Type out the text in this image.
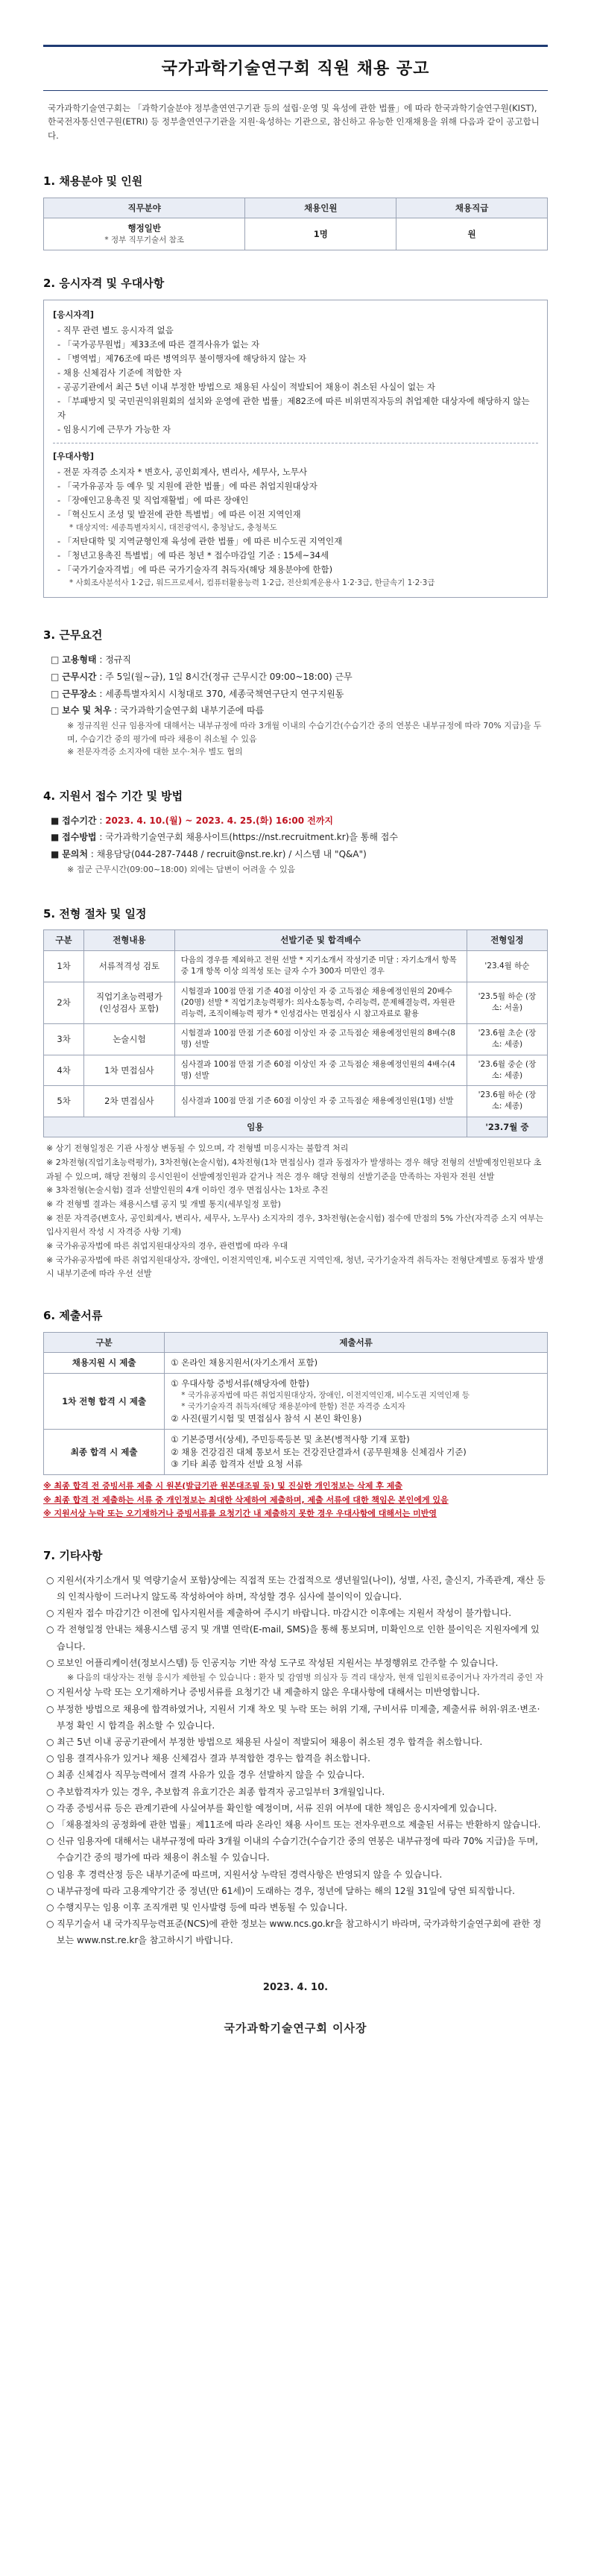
국가과학기술연구회 직원 채용 공고

국가과학기술연구회는 「과학기술분야 정부출연연구기관 등의 설립·운영 및 육성에 관한 법률」에 따라 한국과학기술연구원(KIST), 한국전자통신연구원(ETRI) 등 정부출연연구기관을 지원·육성하는 기관으로, 참신하고 유능한 인재채용을 위해 다음과 같이 공고합니다.

1. 채용분야 및 인원
직무분야	채용인원	채용직급

행정일반
* 정부 직무기술서 참조	1명	원
2. 응시자격 및 우대사항
[응시자격]
- 직무 관련 별도 응시자격 없음
- 「국가공무원법」제33조에 따른 결격사유가 없는 자
- 「병역법」제76조에 따른 병역의무 불이행자에 해당하지 않는 자
- 채용 신체검사 기준에 적합한 자
- 공공기관에서 최근 5년 이내 부정한 방법으로 채용된 사실이 적발되어 채용이 취소된 사실이 없는 자
- 「부패방지 및 국민권익위원회의 설치와 운영에 관한 법률」제82조에 따른 비위면직자등의 취업제한 대상자에 해당하지 않는 자
- 임용시기에 근무가 가능한 자
[우대사항]
- 전문 자격증 소지자 * 변호사, 공인회계사, 변리사, 세무사, 노무사
- 「국가유공자 등 예우 및 지원에 관한 법률」에 따른 취업지원대상자
- 「장애인고용촉진 및 직업재활법」에 따른 장애인
- 「혁신도시 조성 및 발전에 관한 특별법」에 따른 이전 지역인재
* 대상지역: 세종특별자치시, 대전광역시, 충청남도, 충청북도
- 「저탄대학 및 지역균형인재 육성에 관한 법률」에 따른 비수도권 지역인재
- 「청년고용촉진 특별법」에 따른 청년 * 접수마감일 기준 : 15세~34세
- 「국가기술자격법」에 따른 국가기술자격 취득자(해당 채용분야에 한함)
* 사회조사분석사 1·2급, 워드프로세서, 컴퓨터활용능력 1·2급, 전산회계운용사 1·2·3급, 한글속기 1·2·3급
3. 근무요건
□ 고용형태 : 정규직
□ 근무시간 : 주 5일(월~금), 1일 8시간(정규 근무시간 09:00~18:00) 근무
□ 근무장소 : 세종특별자치시 시청대로 370, 세종국책연구단지 연구지원동
□ 보수 및 처우 : 국가과학기술연구회 내부기준에 따름
※ 정규직원 신규 임용자에 대해서는 내부규정에 따라 3개월 이내의 수습기간(수습기간 중의 연봉은 내부규정에 따라 70% 지급)을 두며, 수습기간 중의 평가에 따라 채용이 취소될 수 있음
※ 전문자격증 소지자에 대한 보수·처우 별도 협의
4. 지원서 접수 기간 및 방법
■ 접수기간 : 2023. 4. 10.(월) ~ 2023. 4. 25.(화) 16:00 전까지
■ 접수방법 : 국가과학기술연구회 채용사이트(https://nst.recruitment.kr)을 통해 접수
■ 문의처 : 채용담당(044-287-7448 / recruit@nst.re.kr) / 시스템 내 "Q&A")
※ 접군 근무시간(09:00~18:00) 외에는 답변이 어려울 수 있음
5. 전형 절차 및 일정
구분	전형내용	선발기준 및 합격배수	전형일정
1차	서류적격성 검토	다음의 경우를 제외하고 전원 선발 * 지기소개서 작성기준 미달 : 자기소개서 항목 중 1개 항목 이상 의적성 또는 글자 수가 300자 미만인 경우	'23.4월 하순
2차	직업기초능력평가 (인성검사 포함)	시험결과 100점 만점 기준 40점 이상인 자 중 고득점순 채용예정인원의 20배수(20명) 선발 * 직업기초능력평가: 의사소통능력, 수리능력, 문제해결능력, 자원관리능력, 조직이해능력 평가 * 인성검사는 면접심사 시 참고자료로 활용	'23.5월 하순 (장소: 서울)
3차	논술시험	시험결과 100점 만점 기준 60점 이상인 자 중 고득점순 채용예정인원의 8배수(8명) 선발	'23.6월 초순 (장소: 세종)
4차	1차 면접심사	심사결과 100점 만점 기준 60점 이상인 자 중 고득점순 채용예정인원의 4배수(4명) 선발	'23.6월 중순 (장소: 세종)
5차	2차 면접심사	심사결과 100점 만점 기준 60점 이상인 자 중 고득점순 채용예정인원(1명) 선발	'23.6월 하순 (장소: 세종)
임용			'23.7월 중
※ 상기 전형일정은 기관 사정상 변동될 수 있으며, 각 전형별 미응시자는 불합격 처리
※ 2차전형(직업기초능력평가), 3차전형(논술시험), 4차전형(1차 면접심사) 결과 동점자가 발생하는 경우 해당 전형의 선발예정인원보다 초과될 수 있으며, 해당 전형의 응시인원이 선발예정인원과 같거나 적은 경우 해당 전형의 선발기준을 만족하는 자원자 전원 선발
※ 3차전형(논술시험) 결과 선발인원의 4개 이하인 경우 면접심사는 1차로 추진
※ 각 전형별 결과는 채용시스템 공지 및 개별 통지(세부일정 포함)
※ 전문 자격증(변호사, 공인회계사, 변리사, 세무사, 노무사) 소지자의 경우, 3차전형(논술시험) 점수에 만점의 5% 가산(자격증 소지 여부는 입사지원서 작성 시 자격증 사항 기재)
※ 국가유공자법에 따른 취업지원대상자의 경우, 관련법에 따라 우대
※ 국가유공자법에 따른 취업지원대상자, 장애인, 이전지역인재, 비수도권 지역인재, 청년, 국가기술자격 취득자는 전형단계별로 동점자 발생 시 내부기준에 따라 우선 선발
6. 제출서류
구분	제출서류
채용지원 시 제출	① 온라인 채용지원서(자기소개서 포함)

1차 전형 합격 시 제출	① 우대사항 증빙서류(해당자에 한함)
* 국가유공자법에 따른 취업지원대상자, 장애인, 이전지역인재, 비수도권 지역인재 등
* 국가기술자격 취득자(해당 채용분야에 한함) 전문 자격증 소지자
② 사진(필기시험 및 면접심사 참석 시 본인 확인용)

최종 합격 시 제출	① 기본증명서(상세), 주민등록등본 및 초본(병적사항 기재 포함)
② 채용 건강검진 대체 통보서 또는 건강진단결과서 (공무원채용 신체검사 기준)
③ 기타 최종 합격자 선발 요청 서류
※ 최종 합격 전 증빙서류 제출 시 원본(발급기관 원본대조필 등) 및 진실한 개인정보는 삭제 후 제출
※ 최종 합격 전 제출하는 서류 중 개인정보는 최대한 삭제하여 제출하며, 제출 서류에 대한 책임은 본인에게 있음
※ 지원서상 누락 또는 오기재하거나 증빙서류를 요청기간 내 제출하지 못한 경우 우대사항에 대해서는 미반영
7. 기타사항
○ 지원서(자기소개서 및 역량기술서 포함)상에는 직접적 또는 간접적으로 생년월일(나이), 성별, 사진, 출신지, 가족관계, 재산 등의 인적사항이 드러나지 않도록 작성하여야 하며, 작성할 경우 심사에 불이익이 있습니다.
○ 지원자 접수 마감기간 이전에 입사지원서를 제출하여 주시기 바랍니다. 마감시간 이후에는 지원서 작성이 불가합니다.
○ 각 전형일정 안내는 채용시스템 공지 및 개별 연락(E-mail, SMS)을 통해 통보되며, 미확인으로 인한 불이익은 지원자에게 있습니다.
○ 로보인 어플리케이션(정보시스템) 등 인공지능 기반 작성 도구로 작성된 지원서는 부정행위로 간주할 수 있습니다.
※ 다음의 대상자는 전형 응시가 제한될 수 있습니다 : 환자 및 감염병 의심자 등 격리 대상자, 현재 입원치료중이거나 자가격리 중인 자
○ 지원서상 누락 또는 오기재하거나 증빙서류를 요청기간 내 제출하지 않은 우대사항에 대해서는 미반영합니다.
○ 부정한 방법으로 채용에 합격하였거나, 지원서 기재 착오 및 누락 또는 허위 기재, 구비서류 미제출, 제출서류 허위·위조·변조·부정 확인 시 합격을 취소할 수 있습니다.
○ 최근 5년 이내 공공기관에서 부정한 방법으로 채용된 사실이 적발되어 채용이 취소된 경우 합격을 취소합니다.
○ 임용 결격사유가 있거나 채용 신체검사 결과 부적합한 경우는 합격을 취소합니다.
○ 최종 신체검사 직무능력에서 결격 사유가 있을 경우 선발하지 않을 수 있습니다.
○ 추보합격자가 있는 경우, 추보합격 유효기간은 최종 합격자 공고일부터 3개월입니다.
○ 각종 증빙서류 등은 관계기관에 사실여부를 확인할 예정이며, 서류 진위 여부에 대한 책임은 응시자에게 있습니다.
○ 「채용절차의 공정화에 관한 법률」제11조에 따라 온라인 채용 사이트 또는 전자우편으로 제출된 서류는 반환하지 않습니다.
○ 신규 임용자에 대해서는 내부규정에 따라 3개월 이내의 수습기간(수습기간 중의 연봉은 내부규정에 따라 70% 지급)을 두며, 수습기간 중의 평가에 따라 채용이 취소될 수 있습니다.
○ 임용 후 경력산정 등은 내부기준에 따르며, 지원서상 누락된 경력사항은 반영되지 않을 수 있습니다.
○ 내부규정에 따라 고용계약기간 중 정년(만 61세)이 도래하는 경우, 정년에 달하는 해의 12월 31일에 당연 퇴직합니다.
○ 수행지무는 임용 이후 조직개편 및 인사발령 등에 따라 변동될 수 있습니다.
○ 직무기술서 내 국가직무능력표준(NCS)에 관한 정보는 www.ncs.go.kr을 참고하시기 바라며, 국가과학기술연구회에 관한 정보는 www.nst.re.kr을 참고하시기 바랍니다.
2023. 4. 10.
국가과학기술연구회 이사장
